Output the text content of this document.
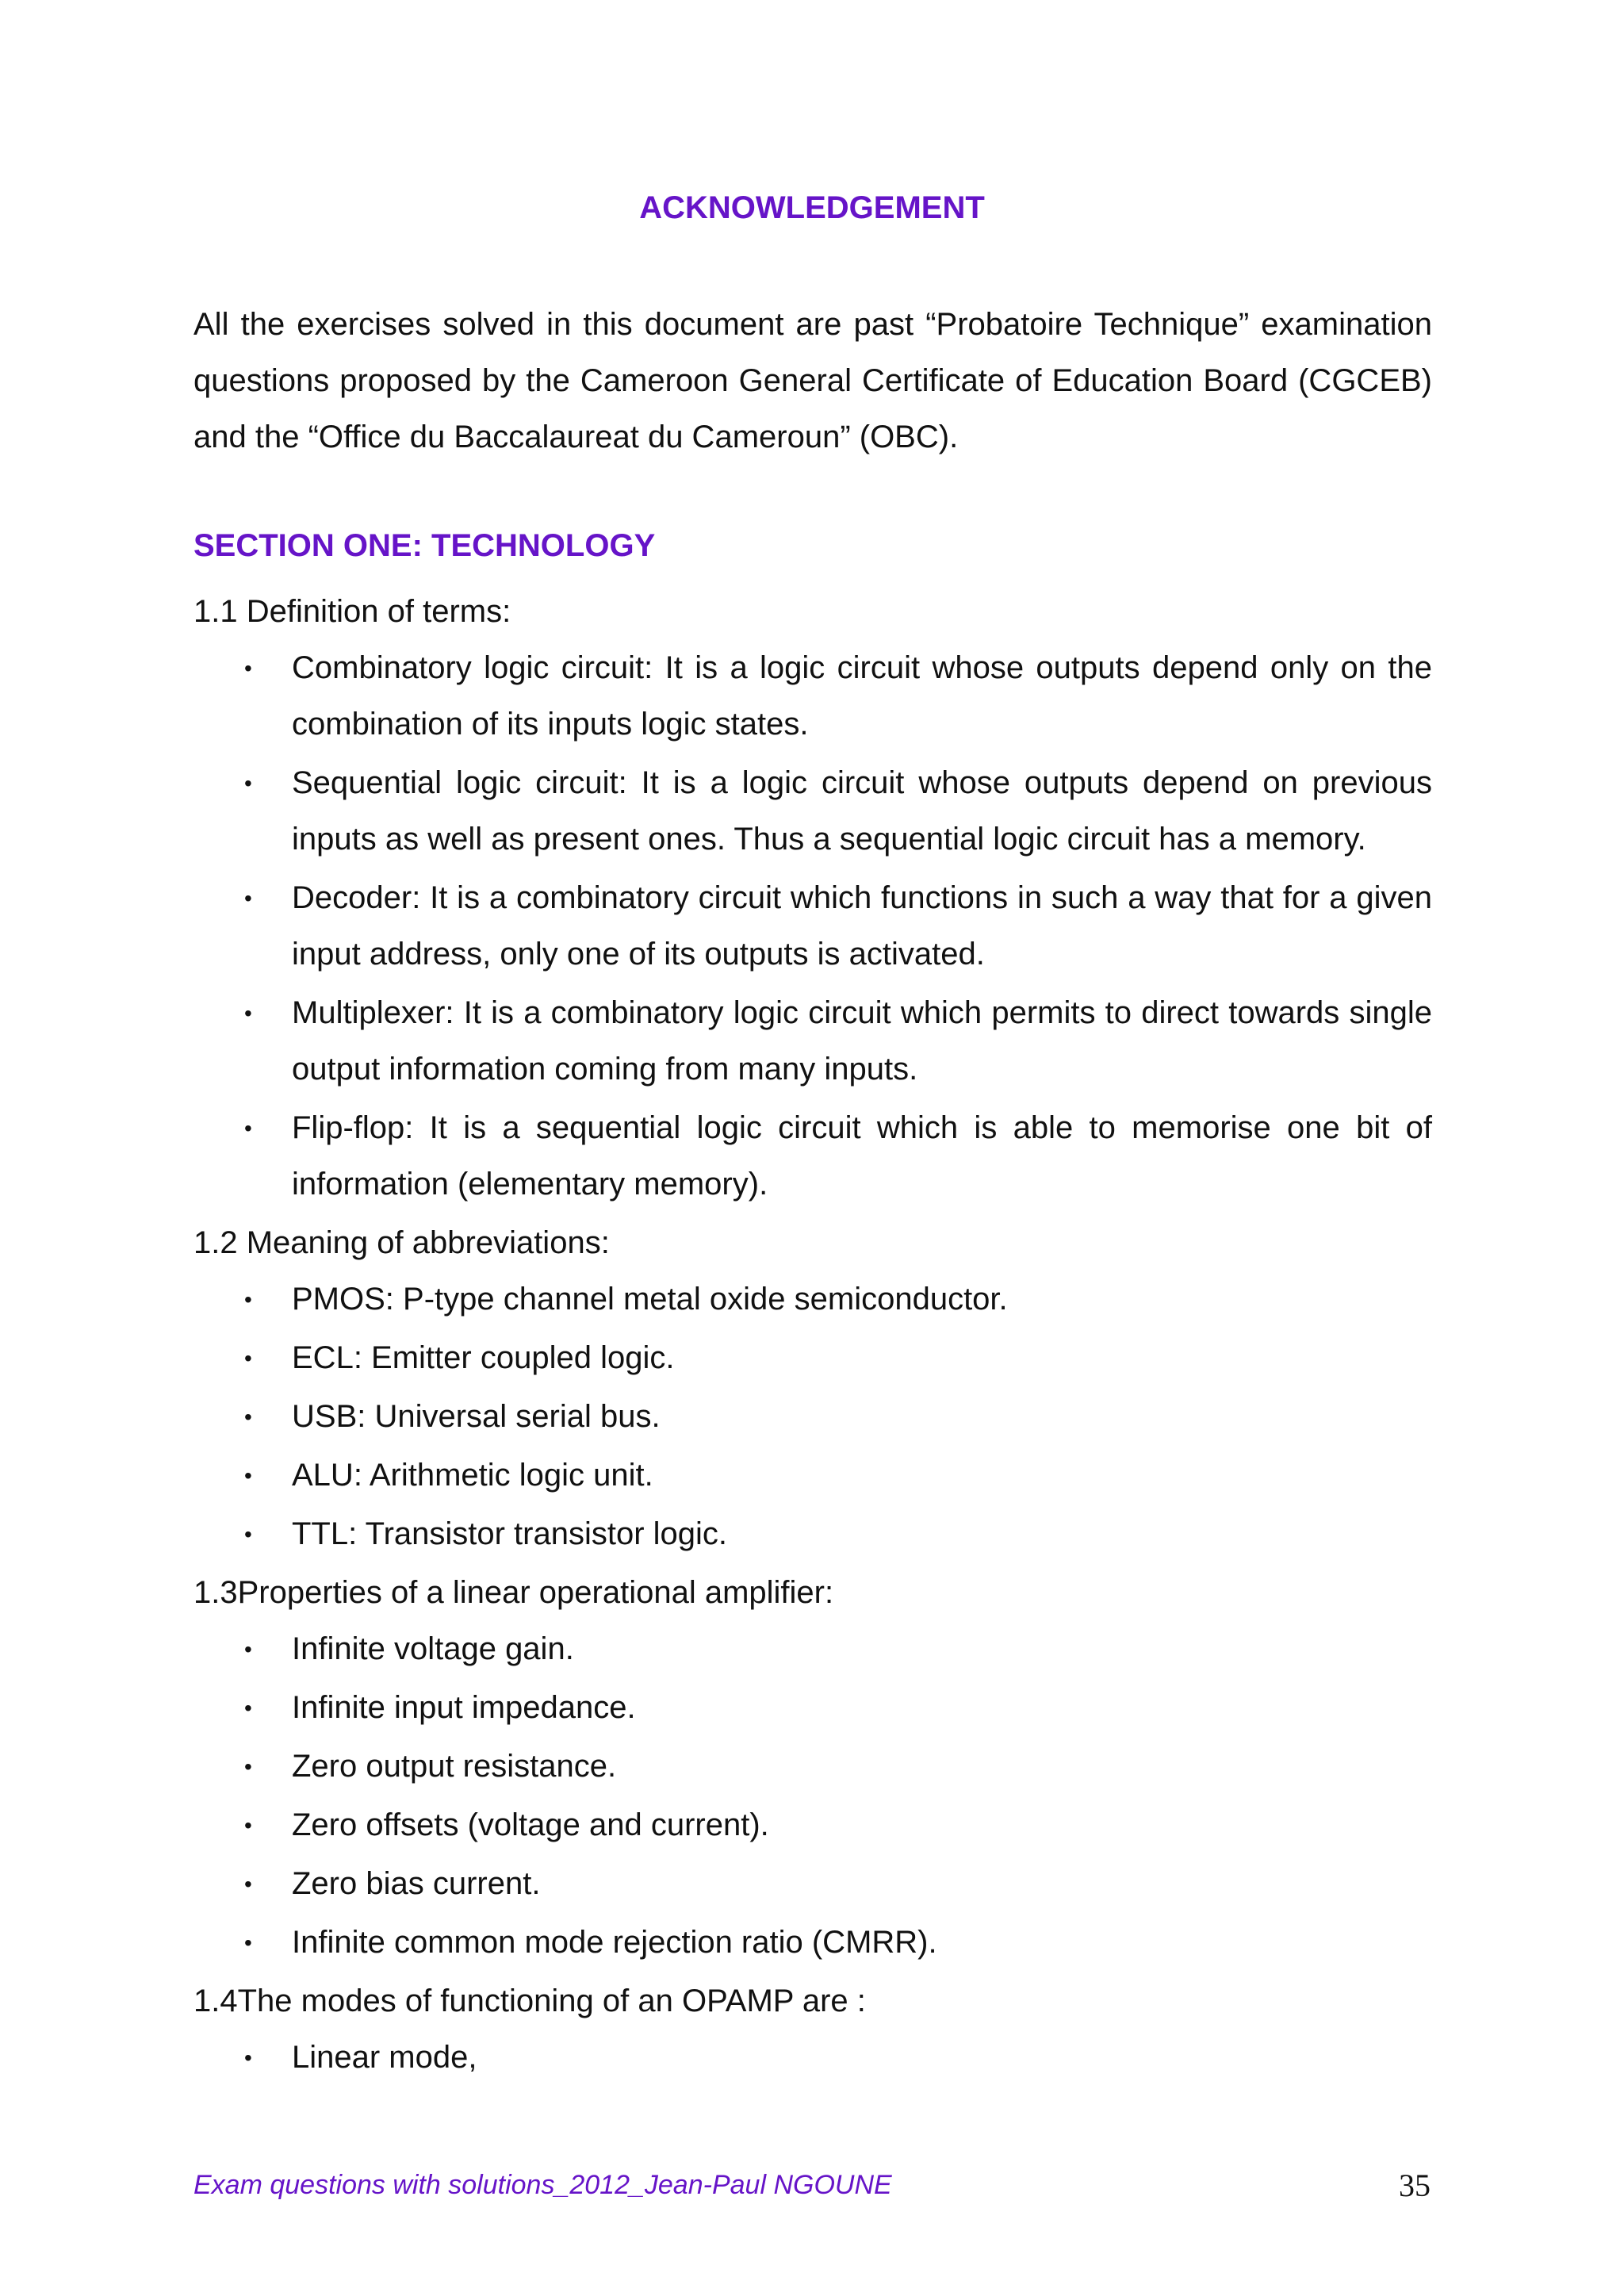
ACKNOWLEDGEMENT
All the exercises solved in this document are past “Probatoire Technique” examination questions proposed by the Cameroon General Certificate of Education Board (CGCEB) and the “Office du Baccalaureat du Cameroun” (OBC).
SECTION ONE: TECHNOLOGY
1.1 Definition of terms:
• Combinatory logic circuit: It is a logic circuit whose outputs depend only on the combination of its inputs logic states.
• Sequential logic circuit: It is a logic circuit whose outputs depend on previous inputs as well as present ones. Thus a sequential logic circuit has a memory.
• Decoder: It is a combinatory circuit which functions in such a way that for a given input address, only one of its outputs is activated.
• Multiplexer: It is a combinatory logic circuit which permits to direct towards single output information coming from many inputs.
• Flip-flop: It is a sequential logic circuit which is able to memorise one bit of information (elementary memory).
1.2 Meaning of abbreviations:
• PMOS: P-type channel metal oxide semiconductor.
• ECL: Emitter coupled logic.
• USB: Universal serial bus.
• ALU: Arithmetic logic unit.
• TTL: Transistor transistor logic.
1.3Properties of a linear operational amplifier:
• Infinite voltage gain.
• Infinite input impedance.
• Zero output resistance.
• Zero offsets (voltage and current).
• Zero bias current.
• Infinite common mode rejection ratio (CMRR).
1.4The modes of functioning of an OPAMP are :
• Linear mode,
Exam questions with solutions_2012_Jean-Paul NGOUNE	35
